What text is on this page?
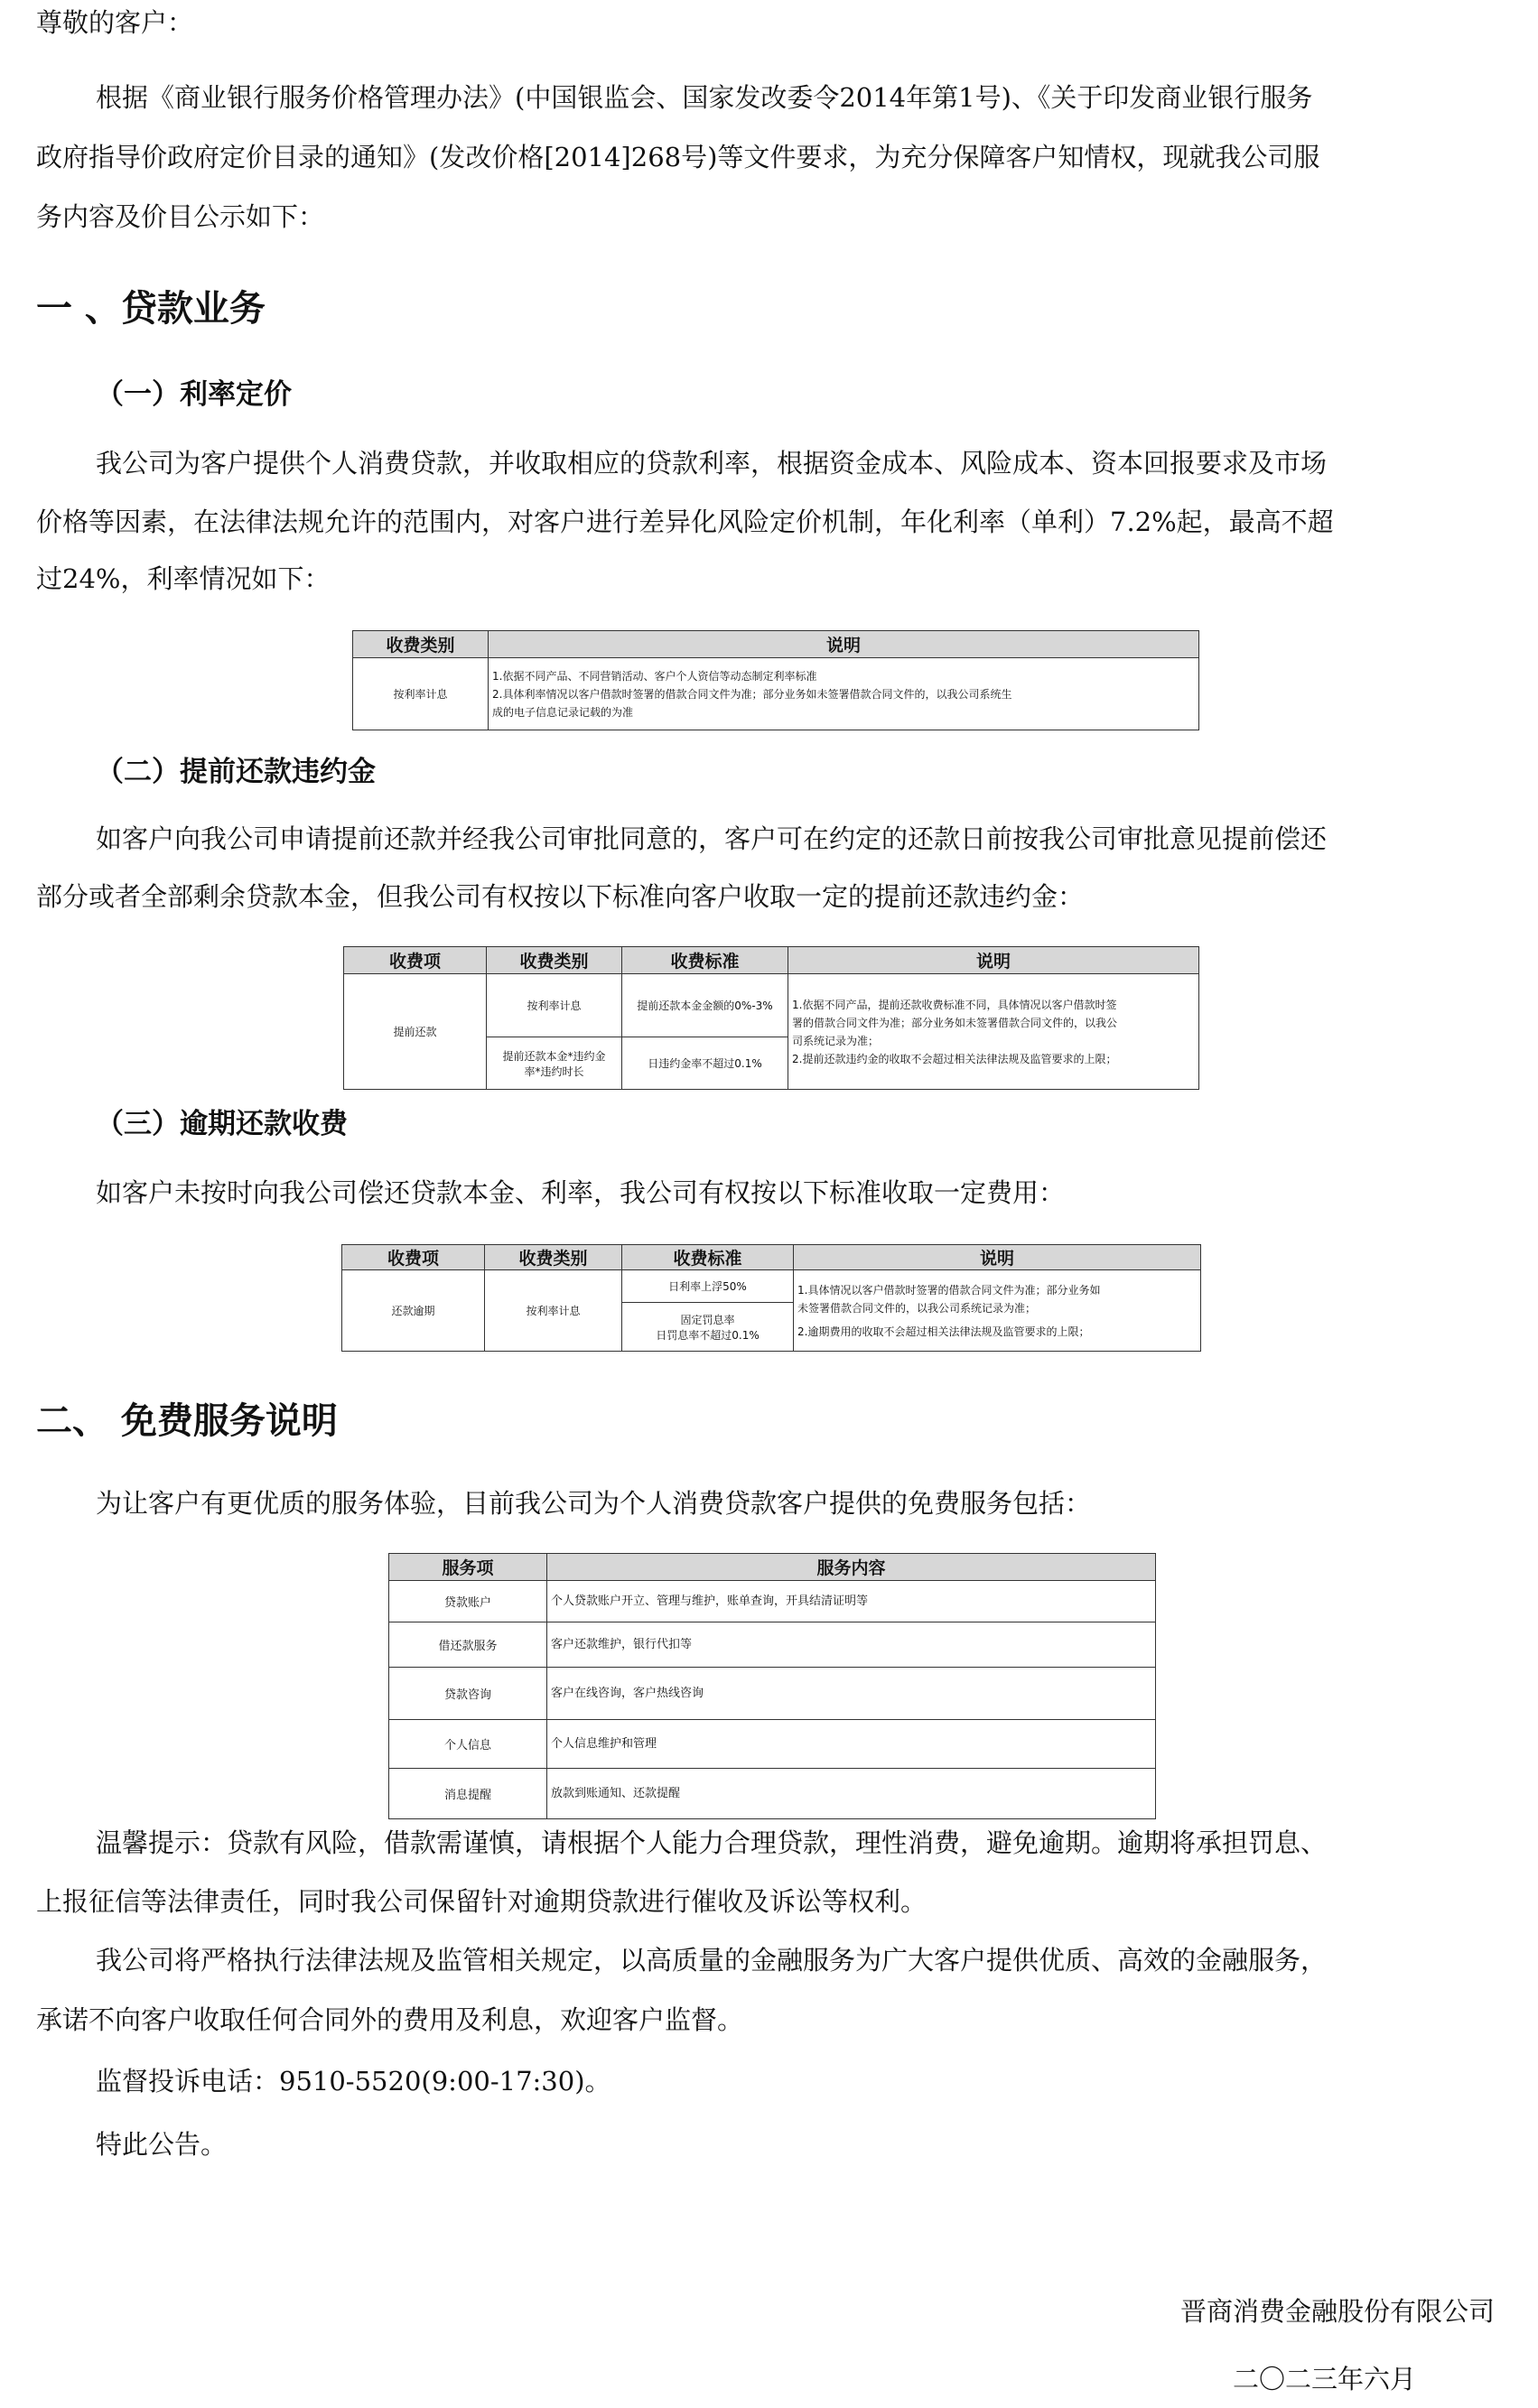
尊敬的客户：
根据《商业银行服务价格管理办法》(中国银监会、国家发改委令2014年第1号)、《关于印发商业银行服务
政府指导价政府定价目录的通知》(发改价格[2014]268号)等文件要求，为充分保障客户知情权，现就我公司服
务内容及价目公示如下：
一 、贷款业务
（一）利率定价
我公司为客户提供个人消费贷款，并收取相应的贷款利率，根据资金成本、风险成本、资本回报要求及市场
价格等因素，在法律法规允许的范围内，对客户进行差异化风险定价机制，年化利率（单利）7.2%起，最高不超
过24%，利率情况如下：
收费类别	说明
按利率计息	1.依据不同产品、不同营销活动、客户个人资信等动态制定利率标准
2.具体利率情况以客户借款时签署的借款合同文件为准；部分业务如未签署借款合同文件的，以我公司系统生
成的电子信息记录记载的为准
（二）提前还款违约金
如客户向我公司申请提前还款并经我公司审批同意的，客户可在约定的还款日前按我公司审批意见提前偿还
部分或者全部剩余贷款本金，但我公司有权按以下标准向客户收取一定的提前还款违约金：
收费项	收费类别	收费标准	说明
提前还款	按利率计息	提前还款本金金额的0%-3%	1.依据不同产品，提前还款收费标准不同，具体情况以客户借款时签
署的借款合同文件为准；部分业务如未签署借款合同文件的，以我公
司系统记录为准；
2.提前还款违约金的收取不会超过相关法律法规及监管要求的上限；

	提前还款本金*违约金
率*违约时长	日违约金率不超过0.1%	
（三）逾期还款收费
如客户未按时向我公司偿还贷款本金、利率，我公司有权按以下标准收取一定费用：
收费项	收费类别	收费标准	说明
还款逾期	按利率计息	日利率上浮50%	1.具体情况以客户借款时签署的借款合同文件为准；部分业务如
未签署借款合同文件的，以我公司系统记录为准；
2.逾期费用的收取不会超过相关法律法规及监管要求的上限；

		固定罚息率
日罚息率不超过0.1%	
二、 免费服务说明
为让客户有更优质的服务体验，目前我公司为个人消费贷款客户提供的免费服务包括：
服务项	服务内容
贷款账户	个人贷款账户开立、管理与维护，账单查询，开具结清证明等
借还款服务	客户还款维护，银行代扣等
贷款咨询	客户在线咨询，客户热线咨询
个人信息	个人信息维护和管理
消息提醒	放款到账通知、还款提醒
温馨提示：贷款有风险，借款需谨慎，请根据个人能力合理贷款，理性消费，避免逾期。逾期将承担罚息、
上报征信等法律责任，同时我公司保留针对逾期贷款进行催收及诉讼等权利。
我公司将严格执行法律法规及监管相关规定，以高质量的金融服务为广大客户提供优质、高效的金融服务，
承诺不向客户收取任何合同外的费用及利息，欢迎客户监督。
监督投诉电话：9510-5520(9:00-17:30)。
特此公告。
晋商消费金融股份有限公司
二〇二三年六月
